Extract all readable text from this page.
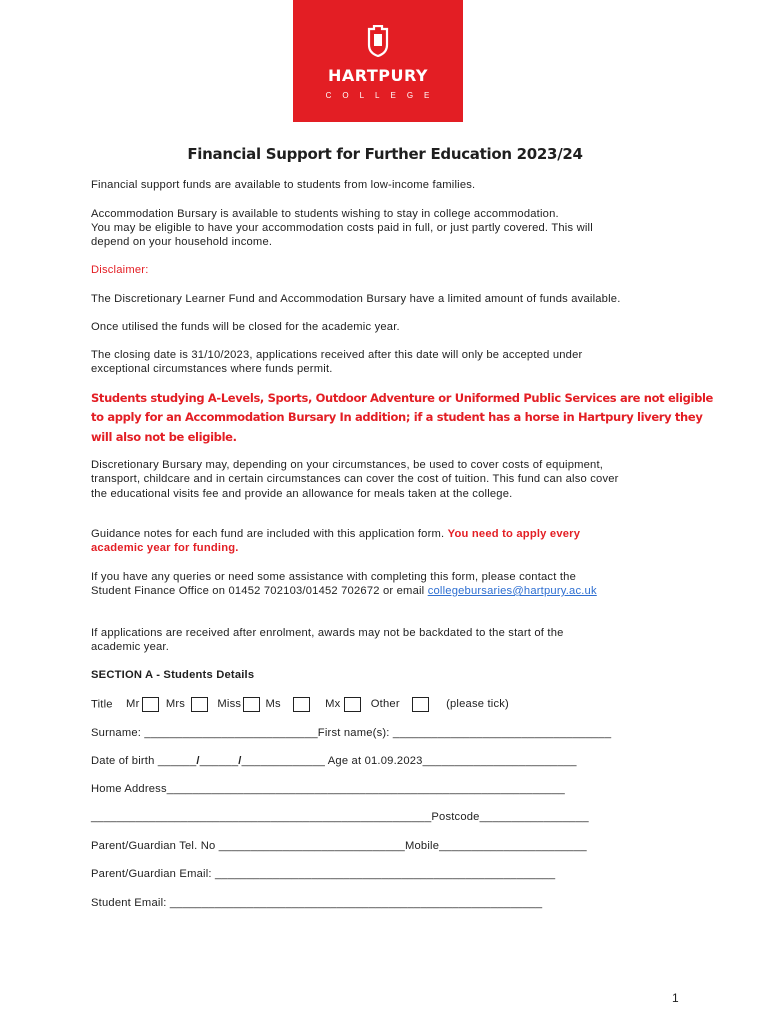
HARTPURY
COLLEGE
Financial Support for Further Education 2023/24
Financial support funds are available to students from low-income families.
Accommodation Bursary is available to students wishing to stay in college accommodation.
You may be eligible to have your accommodation costs paid in full, or just partly covered. This will
depend on your household income.
Disclaimer:
The Discretionary Learner Fund and Accommodation Bursary have a limited amount of funds available.
Once utilised the funds will be closed for the academic year.
The closing date is 31/10/2023, applications received after this date will only be accepted under
exceptional circumstances where funds permit.
Students studying A-Levels, Sports, Outdoor Adventure or Uniformed Public Services are not eligible
to apply for an Accommodation Bursary In addition; if a student has a horse in Hartpury livery they
will also not be eligible.
Discretionary Bursary may, depending on your circumstances, be used to cover costs of equipment,
transport, childcare and in certain circumstances can cover the cost of tuition. This fund can also cover
the educational visits fee and provide an allowance for meals taken at the college.
Guidance notes for each fund are included with this application form. You need to apply every
academic year for funding.
If you have any queries or need some assistance with completing this form, please contact the
Student Finance Office on 01452 702103/01452 702672 or email collegebursaries@hartpury.ac.uk
If applications are received after enrolment, awards may not be backdated to the start of the
academic year.
SECTION A - Students Details
Title Mr Mrs	Miss Ms	Mx	Other	(please tick)
Surname: ___________________________First name(s): __________________________________
Date of birth ______/______/_____________ Age at 01.09.2023________________________
Home Address______________________________________________________________
_____________________________________________________Postcode_________________
Parent/Guardian Tel. No _____________________________Mobile_______________________
Parent/Guardian Email: _____________________________________________________
Student Email: __________________________________________________________
1
